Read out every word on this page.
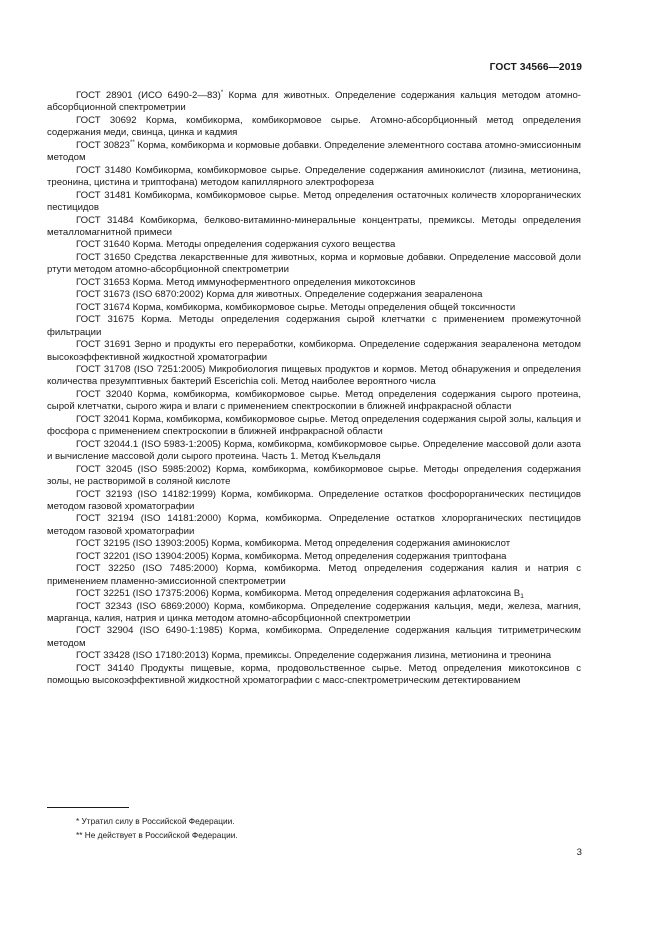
ГОСТ 34566—2019

ГОСТ 28901 (ИСО 6490-2—83)* Корма для животных. Определение содержания кальция методом атомно-абсорбционной спектрометрии

ГОСТ 30692 Корма, комбикорма, комбикормовое сырье. Атомно-абсорбционный метод определения содержания меди, свинца, цинка и кадмия

ГОСТ 30823** Корма, комбикорма и кормовые добавки. Определение элементного состава атомно-эмиссионным методом

ГОСТ 31480 Комбикорма, комбикормовое сырье. Определение содержания аминокислот (лизина, метионина, треонина, цистина и триптофана) методом капиллярного электрофореза

ГОСТ 31481 Комбикорма, комбикормовое сырье. Метод определения остаточных количеств хлорорганических пестицидов

ГОСТ 31484 Комбикорма, белково-витаминно-минеральные концентраты, премиксы. Методы определения металломагнитной примеси

ГОСТ 31640 Корма. Методы определения содержания сухого вещества

ГОСТ 31650 Средства лекарственные для животных, корма и кормовые добавки. Определение массовой доли ртути методом атомно-абсорбционной спектрометрии

ГОСТ 31653 Корма. Метод иммуноферментного определения микотоксинов

ГОСТ 31673 (ISO 6870:2002) Корма для животных. Определение содержания зеараленона

ГОСТ 31674 Корма, комбикорма, комбикормовое сырье. Методы определения общей токсичности

ГОСТ 31675 Корма. Методы определения содержания сырой клетчатки с применением промежуточной фильтрации

ГОСТ 31691 Зерно и продукты его переработки, комбикорма. Определение содержания зеараленона методом высокоэффективной жидкостной хроматографии

ГОСТ 31708 (ISO 7251:2005) Микробиология пищевых продуктов и кормов. Метод обнаружения и определения количества презумптивных бактерий Escerichia coli. Метод наиболее вероятного числа

ГОСТ 32040 Корма, комбикорма, комбикормовое сырье. Метод определения содержания сырого протеина, сырой клетчатки, сырого жира и влаги с применением спектроскопии в ближней инфракрасной области

ГОСТ 32041 Корма, комбикорма, комбикормовое сырье. Метод определения содержания сырой золы, кальция и фосфора с применением спектроскопии в ближней инфракрасной области

ГОСТ 32044.1 (ISO 5983-1:2005) Корма, комбикорма, комбикормовое сырье. Определение массовой доли азота и вычисление массовой доли сырого протеина. Часть 1. Метод Къельдаля

ГОСТ 32045 (ISO 5985:2002) Корма, комбикорма, комбикормовое сырье. Методы определения содержания золы, не растворимой в соляной кислоте

ГОСТ 32193 (ISO 14182:1999) Корма, комбикорма. Определение остатков фосфорорганических пестицидов методом газовой хроматографии

ГОСТ 32194 (ISO 14181:2000) Корма, комбикорма. Определение остатков хлорорганических пестицидов методом газовой хроматографии

ГОСТ 32195 (ISO 13903:2005) Корма, комбикорма. Метод определения содержания аминокислот

ГОСТ 32201 (ISO 13904:2005) Корма, комбикорма. Метод определения содержания триптофана

ГОСТ 32250 (ISO 7485:2000) Корма, комбикорма. Метод определения содержания калия и натрия с применением пламенно-эмиссионной спектрометрии

ГОСТ 32251 (ISO 17375:2006) Корма, комбикорма. Метод определения содержания афлатоксина $B_1$

ГОСТ 32343 (ISO 6869:2000) Корма, комбикорма. Определение содержания кальция, меди, железа, магния, марганца, калия, натрия и цинка методом атомно-абсорбционной спектрометрии

ГОСТ 32904 (ISO 6490-1:1985) Корма, комбикорма. Определение содержания кальция титриметрическим методом

ГОСТ 33428 (ISO 17180:2013) Корма, премиксы. Определение содержания лизина, метионина и треонина

ГОСТ 34140 Продукты пищевые, корма, продовольственное сырье. Метод определения микотоксинов с помощью высокоэффективной жидкостной хроматографии с масс-спектрометрическим детектированием

* Утратил силу в Российской Федерации.

** Не действует в Российской Федерации.

3
